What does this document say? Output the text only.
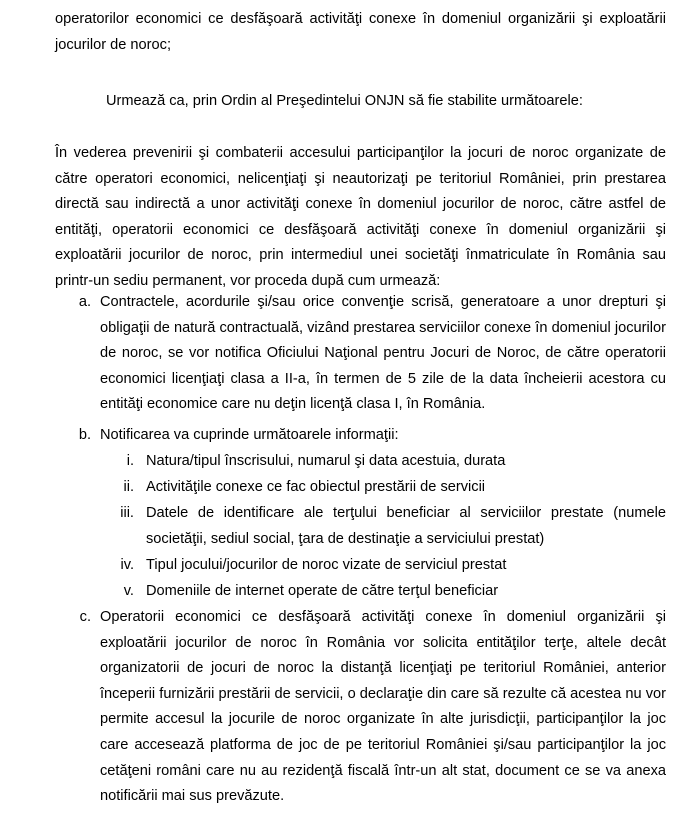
operatorilor economici ce desfăşoară activităţi conexe în domeniul organizării şi exploatării jocurilor de noroc;

Urmează ca, prin Ordin al Preşedintelui ONJN să fie stabilite următoarele:

În vederea prevenirii şi combaterii accesului participanţilor la jocuri de noroc organizate de către operatori economici, nelicenţiaţi şi neautorizaţi pe teritoriul României, prin prestarea directă sau indirectă a unor activităţi conexe în domeniul jocurilor de noroc, către astfel de entităţi, operatorii economici ce desfăşoară activităţi conexe în domeniul organizării şi exploatării jocurilor de noroc, prin intermediul unei societăţi înmatriculate în România sau printr-un sediu permanent, vor proceda după cum urmează:

a. Contractele, acordurile şi/sau orice convenţie scrisă, generatoare a unor drepturi şi obligaţii de natură contractuală, vizând prestarea serviciilor conexe în domeniul jocurilor de noroc, se vor notifica Oficiului Naţional pentru Jocuri de Noroc, de către operatorii economici licenţiaţi clasa a II-a, în termen de 5 zile de la data încheierii acestora cu entităţi economice care nu deţin licenţă clasa I, în România.

b. Notificarea va cuprinde următoarele informaţii:

i. Natura/tipul înscrisului, numarul şi data acestuia, durata

ii. Activităţile conexe ce fac obiectul prestării de servicii

iii. Datele de identificare ale terţului beneficiar al serviciilor prestate (numele societăţii, sediul social, ţara de destinaţie a serviciului prestat)

iv. Tipul jocului/jocurilor de noroc vizate de serviciul prestat

v. Domeniile de internet operate de către terţul beneficiar

c. Operatorii economici ce desfăşoară activităţi conexe în domeniul organizării şi exploatării jocurilor de noroc în România vor solicita entităţilor terţe, altele decât organizatorii de jocuri de noroc la distanţă licenţiaţi pe teritoriul României, anterior începerii furnizării prestării de servicii, o declaraţie din care să rezulte că acestea nu vor permite accesul la jocurile de noroc organizate în alte jurisdicţii, participanţilor la joc care accesează platforma de joc de pe teritoriul României şi/sau participanţilor la joc cetăţeni români care nu au rezidenţă fiscală într-un alt stat, document ce se va anexa notificării mai sus prevăzute.
